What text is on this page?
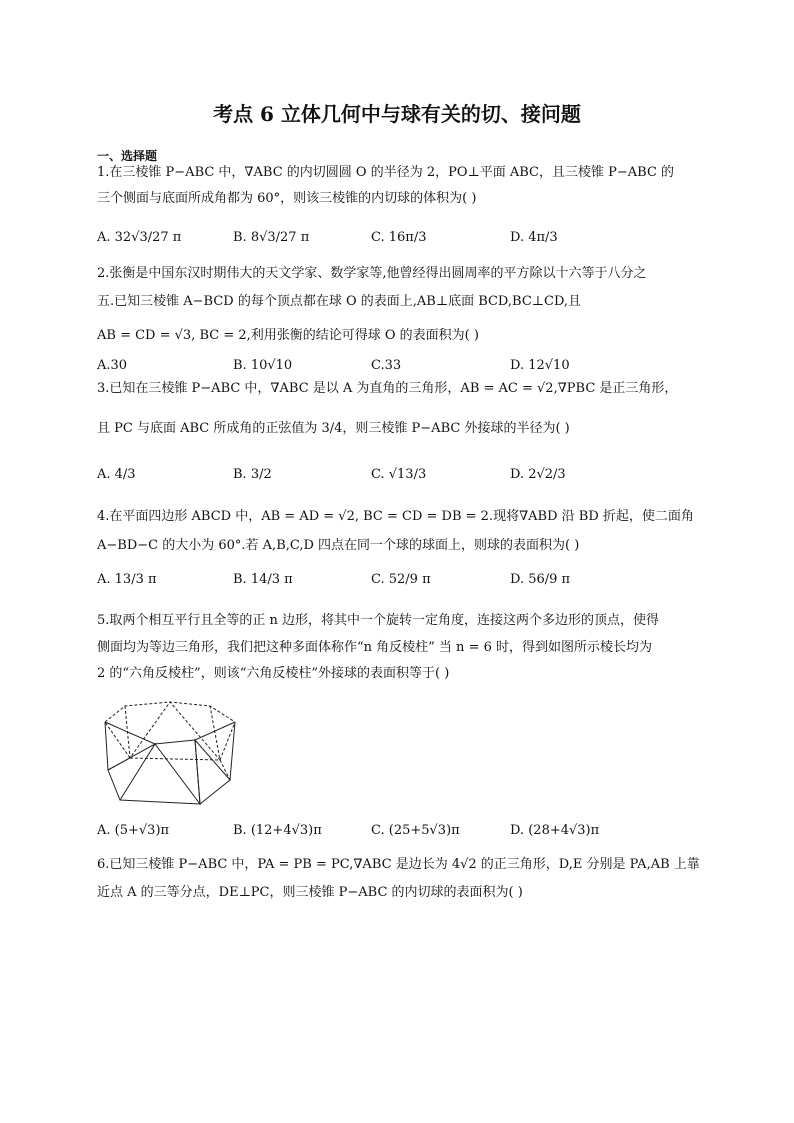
考点 6 立体几何中与球有关的切、接问题
一、选择题
1.在三棱锥 P−ABC 中，∇ABC 的内切圆圆 O 的半径为 2，PO⊥平面 ABC，且三棱锥 P−ABC 的
三个侧面与底面所成角都为 60°，则该三棱锥的内切球的体积为( )
A. 32√3/27 π	B. 8√3/27 π	C. 16π/3	D. 4π/3
2.张衡是中国东汉时期伟大的天文学家、数学家等,他曾经得出圆周率的平方除以十六等于八分之
五.已知三棱锥 A−BCD 的每个顶点都在球 O 的表面上,AB⊥底面 BCD,BC⊥CD,且
AB = CD = √3, BC = 2,利用张衡的结论可得球 O 的表面积为( )
A.30	B. 10√10	C.33	D. 12√10
3.已知在三棱锥 P−ABC 中，∇ABC 是以 A 为直角的三角形，AB = AC = √2,∇PBC 是正三角形，
且 PC 与底面 ABC 所成角的正弦值为 3/4，则三棱锥 P−ABC 外接球的半径为( )
A. 4/3	B. 3/2	C. √13/3	D. 2√2/3
4.在平面四边形 ABCD 中，AB = AD = √2, BC = CD = DB = 2.现将∇ABD 沿 BD 折起，使二面角
A−BD−C 的大小为 60°.若 A,B,C,D 四点在同一个球的球面上，则球的表面积为( )
A. 13/3 π	B. 14/3 π	C. 52/9 π	D. 56/9 π
5.取两个相互平行且全等的正 n 边形，将其中一个旋转一定角度，连接这两个多边形的顶点，使得
侧面均为等边三角形，我们把这种多面体称作“n 角反棱柱” 当 n = 6 时，得到如图所示棱长均为
2 的“六角反棱柱”，则该“六角反棱柱”外接球的表面积等于( )
A. (5+√3)π	B. (12+4√3)π	C. (25+5√3)π	D. (28+4√3)π
6.已知三棱锥 P−ABC 中，PA = PB = PC,∇ABC 是边长为 4√2 的正三角形，D,E 分别是 PA,AB 上靠
近点 A 的三等分点，DE⊥PC，则三棱锥 P−ABC 的内切球的表面积为( )
